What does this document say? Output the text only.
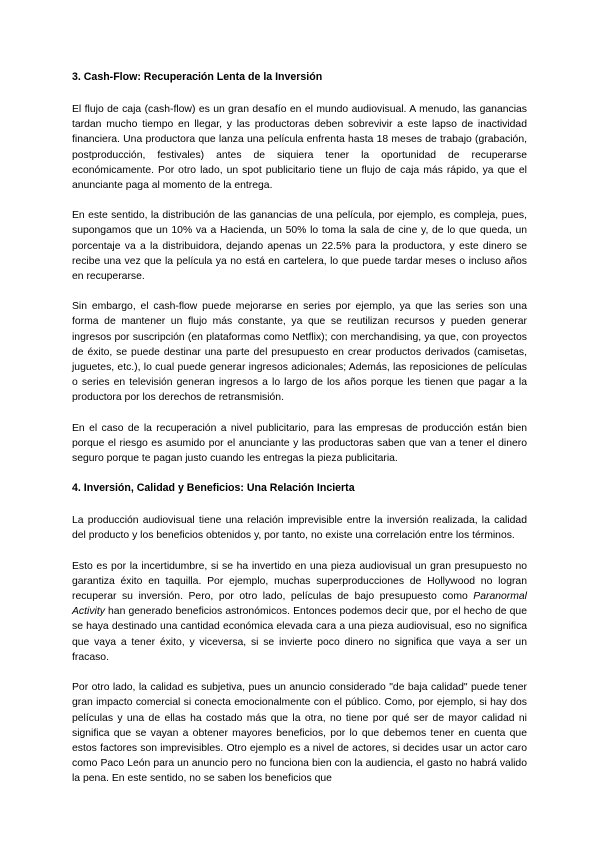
3. Cash-Flow: Recuperación Lenta de la Inversión

El flujo de caja (cash-flow) es un gran desafío en el mundo audiovisual. A menudo, las ganancias tardan mucho tiempo en llegar, y las productoras deben sobrevivir a este lapso de inactividad financiera. Una productora que lanza una película enfrenta hasta 18 meses de trabajo (grabación, postproducción, festivales) antes de siquiera tener la oportunidad de recuperarse económicamente. Por otro lado, un spot publicitario tiene un flujo de caja más rápido, ya que el anunciante paga al momento de la entrega.

En este sentido, la distribución de las ganancias de una película, por ejemplo, es compleja, pues, supongamos que un 10% va a Hacienda, un 50% lo toma la sala de cine y, de lo que queda, un porcentaje va a la distribuidora, dejando apenas un 22.5% para la productora, y este dinero se recibe una vez que la película ya no está en cartelera, lo que puede tardar meses o incluso años en recuperarse.

Sin embargo, el cash-flow puede mejorarse en series por ejemplo, ya que las series son una forma de mantener un flujo más constante, ya que se reutilizan recursos y pueden generar ingresos por suscripción (en plataformas como Netflix); con merchandising, ya que, con proyectos de éxito, se puede destinar una parte del presupuesto en crear productos derivados (camisetas, juguetes, etc.), lo cual puede generar ingresos adicionales; Además, las reposiciones de películas o series en televisión generan ingresos a lo largo de los años porque les tienen que pagar a la productora por los derechos de retransmisión.

En el caso de la recuperación a nivel publicitario, para las empresas de producción están bien porque el riesgo es asumido por el anunciante y las productoras saben que van a tener el dinero seguro porque te pagan justo cuando les entregas la pieza publicitaria.

4. Inversión, Calidad y Beneficios: Una Relación Incierta

La producción audiovisual tiene una relación imprevisible entre la inversión realizada, la calidad del producto y los beneficios obtenidos y, por tanto, no existe una correlación entre los términos.

Esto es por la incertidumbre, si se ha invertido en una pieza audiovisual un gran presupuesto no garantiza éxito en taquilla. Por ejemplo, muchas superproducciones de Hollywood no logran recuperar su inversión. Pero, por otro lado, películas de bajo presupuesto como Paranormal Activity han generado beneficios astronómicos. Entonces podemos decir que, por el hecho de que se haya destinado una cantidad económica elevada cara a una pieza audiovisual, eso no significa que vaya a tener éxito, y viceversa, si se invierte poco dinero no significa que vaya a ser un fracaso.

Por otro lado, la calidad es subjetiva, pues un anuncio considerado "de baja calidad" puede tener gran impacto comercial si conecta emocionalmente con el público. Como, por ejemplo, si hay dos películas y una de ellas ha costado más que la otra, no tiene por qué ser de mayor calidad ni significa que se vayan a obtener mayores beneficios, por lo que debemos tener en cuenta que estos factores son imprevisibles. Otro ejemplo es a nivel de actores, si decides usar un actor caro como Paco León para un anuncio pero no funciona bien con la audiencia, el gasto no habrá valido la pena. En este sentido, no se saben los beneficios que
